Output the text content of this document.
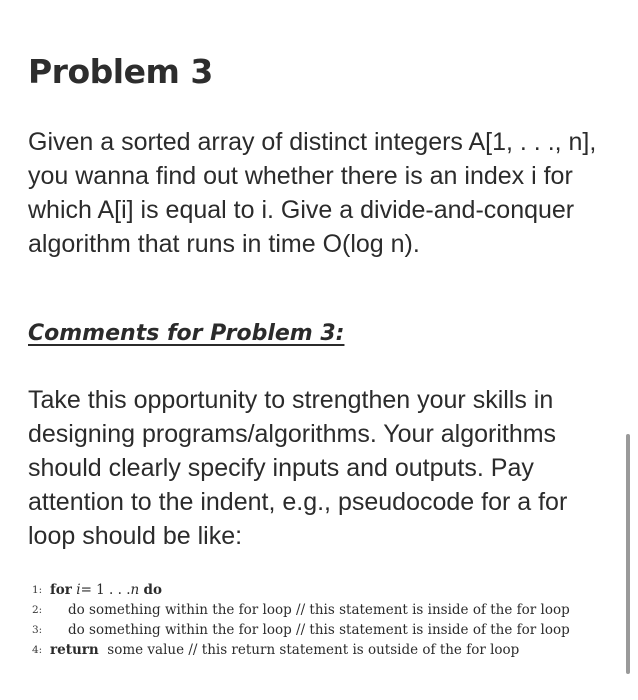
Problem 3

Given a sorted array of distinct integers A[1, . . ., n], you wanna find out whether there is an index i for which A[i] is equal to i. Give a divide-and-conquer algorithm that runs in time O(log n).

Comments for Problem 3:

Take this opportunity to strengthen your skills in designing programs/algorithms. Your algorithms should clearly specify inputs and outputs. Pay attention to the indent, e.g., pseudocode for a for loop should be like:

1: for
i = 1 . . . n
do
2:	do something within the for loop // this statement is inside of the for loop
3:	do something within the for loop // this statement is inside of the for loop
4: return
some value // this return statement is outside of the for loop
